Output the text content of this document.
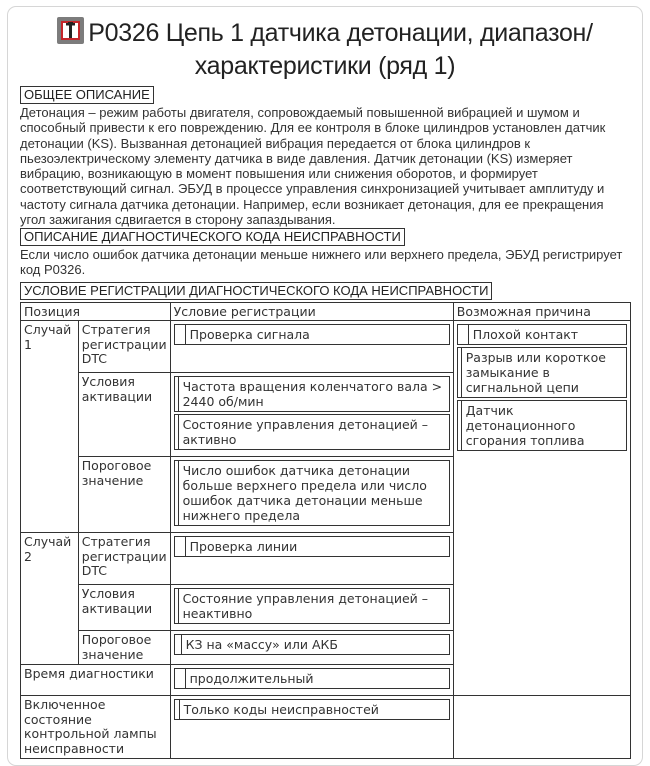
P0326 Цепь 1 датчика детонации, диапазон/
характеристики (ряд 1)
ОБЩЕЕ ОПИСАНИЕ
Детонация – режим работы двигателя, сопровождаемый повышенной вибрацией и шумом и способный привести к его повреждению. Для ее контроля в блоке цилиндров установлен датчик детонации (KS). Вызванная детонацией вибрация передается от блока цилиндров к пьезоэлектрическому элементу датчика в виде давления. Датчик детонации (KS) измеряет вибрацию, возникающую в момент повышения или снижения оборотов, и формирует соответствующий сигнал. ЭБУД в процессе управления синхронизацией учитывает амплитуду и частоту сигнала датчика детонации. Например, если возникает детонация, для ее прекращения угол зажигания сдвигается в сторону запаздывания.
ОПИСАНИЕ ДИАГНОСТИЧЕСКОГО КОДА НЕИСПРАВНОСТИ
Если число ошибок датчика детонации меньше нижнего или верхнего предела, ЭБУД регистрирует код P0326.
УСЛОВИЕ РЕГИСТРАЦИИ ДИАГНОСТИЧЕСКОГО КОДА НЕИСПРАВНОСТИ
Позиция		Условие регистрации	Возможная причина
Случай 1	Стратегия регистрации DTC	Проверка сигнала	Плохой контакт
Разрыв или короткое замыкание в сигнальной цепи
Датчик детонационного сгорания топлива

	Условия активации	Частота вращения коленчатого вала > 2440 об/мин
Состояние управления детонацией – активно	

	Пороговое значение	Число ошибок датчика детонации больше верхнего предела или число ошибок датчика детонации меньше нижнего предела	

Случай 2	Стратегия регистрации DTC	Проверка линии	

	Условия активации	Состояние управления детонацией – неактивно	

	Пороговое значение	КЗ на «массу» или АКБ	

Время диагностики		продолжительный	

Включенное состояние контрольной лампы неисправности		Только коды неисправностей	
